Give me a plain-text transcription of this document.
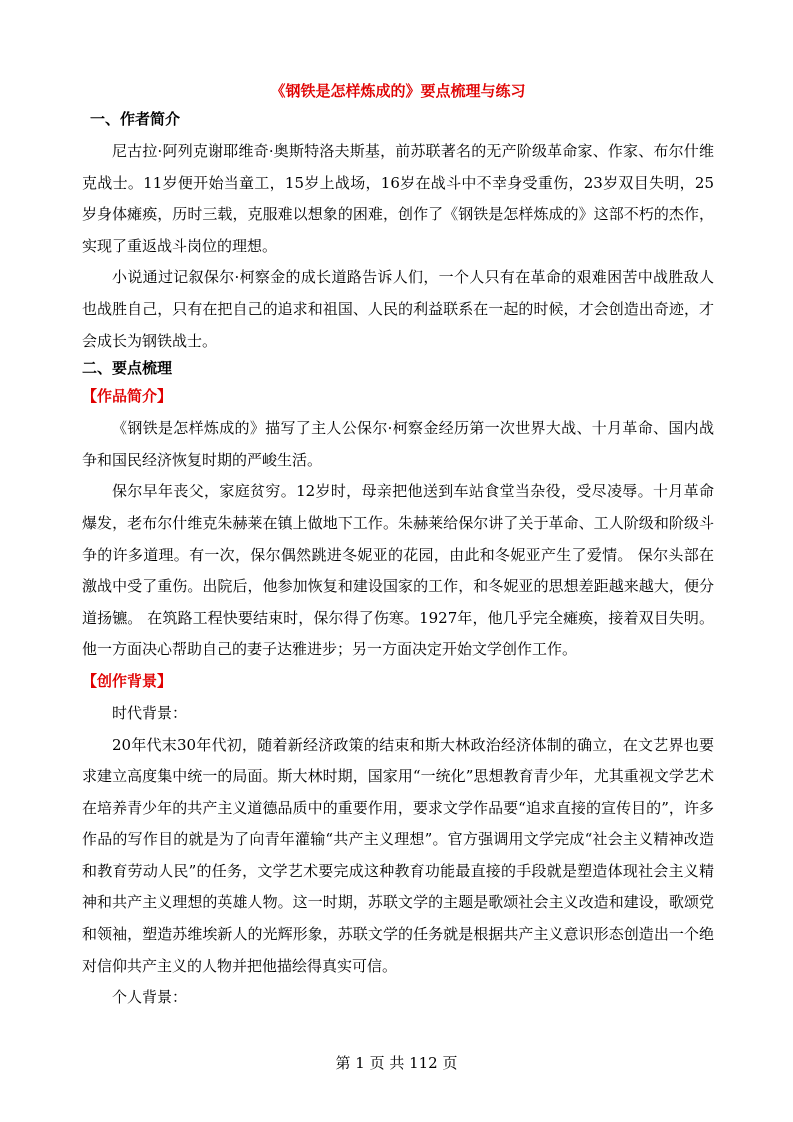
《钢铁是怎样炼成的》要点梳理与练习
一、作者简介

尼古拉·阿列克谢耶维奇·奥斯特洛夫斯基，前苏联著名的无产阶级革命家、作家、布尔什维克战士。11岁便开始当童工，15岁上战场，16岁在战斗中不幸身受重伤，23岁双目失明，25岁身体瘫痪，历时三载，克服难以想象的困难，创作了《钢铁是怎样炼成的》这部不朽的杰作，实现了重返战斗岗位的理想。

小说通过记叙保尔·柯察金的成长道路告诉人们，一个人只有在革命的艰难困苦中战胜敌人也战胜自己，只有在把自己的追求和祖国、人民的利益联系在一起的时候，才会创造出奇迹，才会成长为钢铁战士。

二、要点梳理
【作品简介】

《钢铁是怎样炼成的》描写了主人公保尔·柯察金经历第一次世界大战、十月革命、国内战争和国民经济恢复时期的严峻生活。

保尔早年丧父，家庭贫穷。12岁时，母亲把他送到车站食堂当杂役，受尽凌辱。十月革命爆发，老布尔什维克朱赫莱在镇上做地下工作。朱赫莱给保尔讲了关于革命、工人阶级和阶级斗争的许多道理。有一次，保尔偶然跳进冬妮亚的花园，由此和冬妮亚产生了爱情。 保尔头部在激战中受了重伤。出院后，他参加恢复和建设国家的工作，和冬妮亚的思想差距越来越大，便分道扬镳。 在筑路工程快要结束时，保尔得了伤寒。1927年，他几乎完全瘫痪，接着双目失明。他一方面决心帮助自己的妻子达雅进步；另一方面决定开始文学创作工作。

【创作背景】

时代背景：

20年代末30年代初，随着新经济政策的结束和斯大林政治经济体制的确立，在文艺界也要求建立高度集中统一的局面。斯大林时期，国家用“一统化”思想教育青少年，尤其重视文学艺术在培养青少年的共产主义道德品质中的重要作用，要求文学作品要“追求直接的宣传目的”，许多作品的写作目的就是为了向青年灌输“共产主义理想”。官方强调用文学完成“社会主义精神改造和教育劳动人民”的任务，文学艺术要完成这种教育功能最直接的手段就是塑造体现社会主义精神和共产主义理想的英雄人物。这一时期，苏联文学的主题是歌颂社会主义改造和建设，歌颂党和领袖，塑造苏维埃新人的光辉形象，苏联文学的任务就是根据共产主义意识形态创造出一个绝对信仰共产主义的人物并把他描绘得真实可信。

个人背景：

第 1 页 共 112 页
